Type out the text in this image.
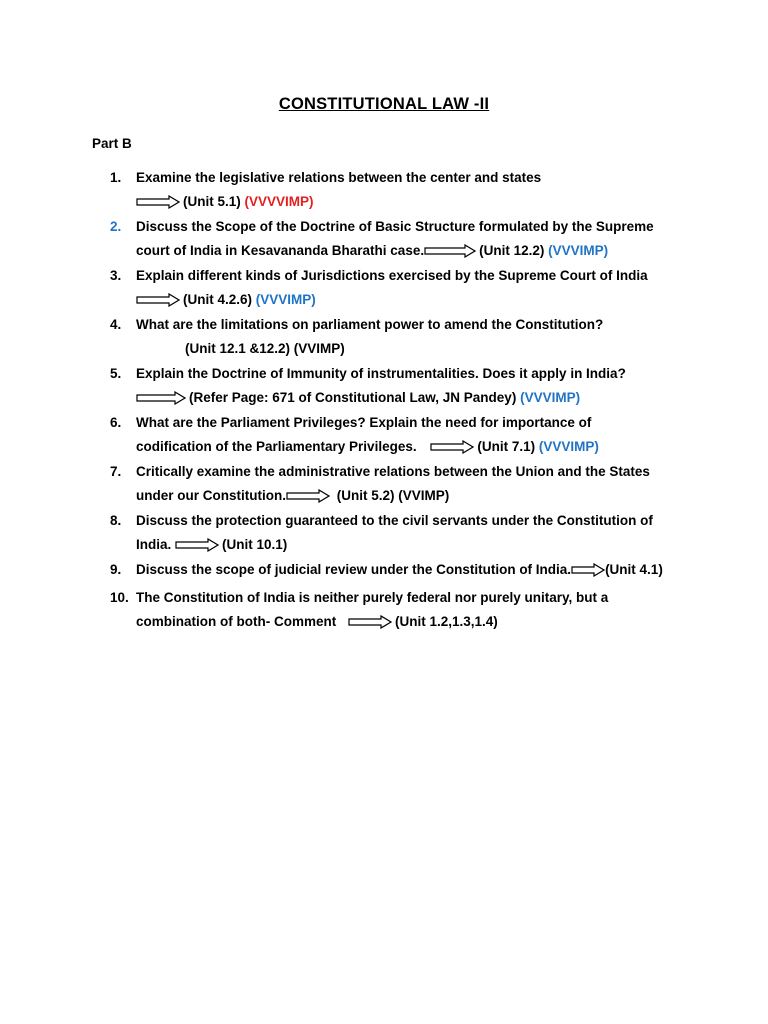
CONSTITUTIONAL LAW -II
Part B
1. Examine the legislative relations between the center and states
(Unit 5.1) (VVVVIMP)
2. Discuss the Scope of the Doctrine of Basic Structure formulated by the Supreme
court of India in Kesavananda Bharathi case.	(Unit 12.2) (VVVIMP)
3. Explain different kinds of Jurisdictions exercised by the Supreme Court of India
(Unit 4.2.6) (VVVIMP)
4. What are the limitations on parliament power to amend the Constitution?
(Unit 12.1 &12.2) (VVIMP)
5. Explain the Doctrine of Immunity of instrumentalities. Does it apply in India?
(Refer Page: 671 of Constitutional Law, JN Pandey) (VVVIMP)
6. What are the Parliament Privileges? Explain the need for importance of
codification of the Parliamentary Privileges.	(Unit 7.1) (VVVIMP)
7. Critically examine the administrative relations between the Union and the States
under our Constitution.	(Unit 5.2) (VVIMP)
8. Discuss the protection guaranteed to the civil servants under the Constitution of
India.	(Unit 10.1)
9. Discuss the scope of judicial review under the Constitution of India.	(Unit 4.1)
10. The Constitution of India is neither purely federal nor purely unitary, but a
combination of both- Comment	(Unit 1.2,1.3,1.4)
